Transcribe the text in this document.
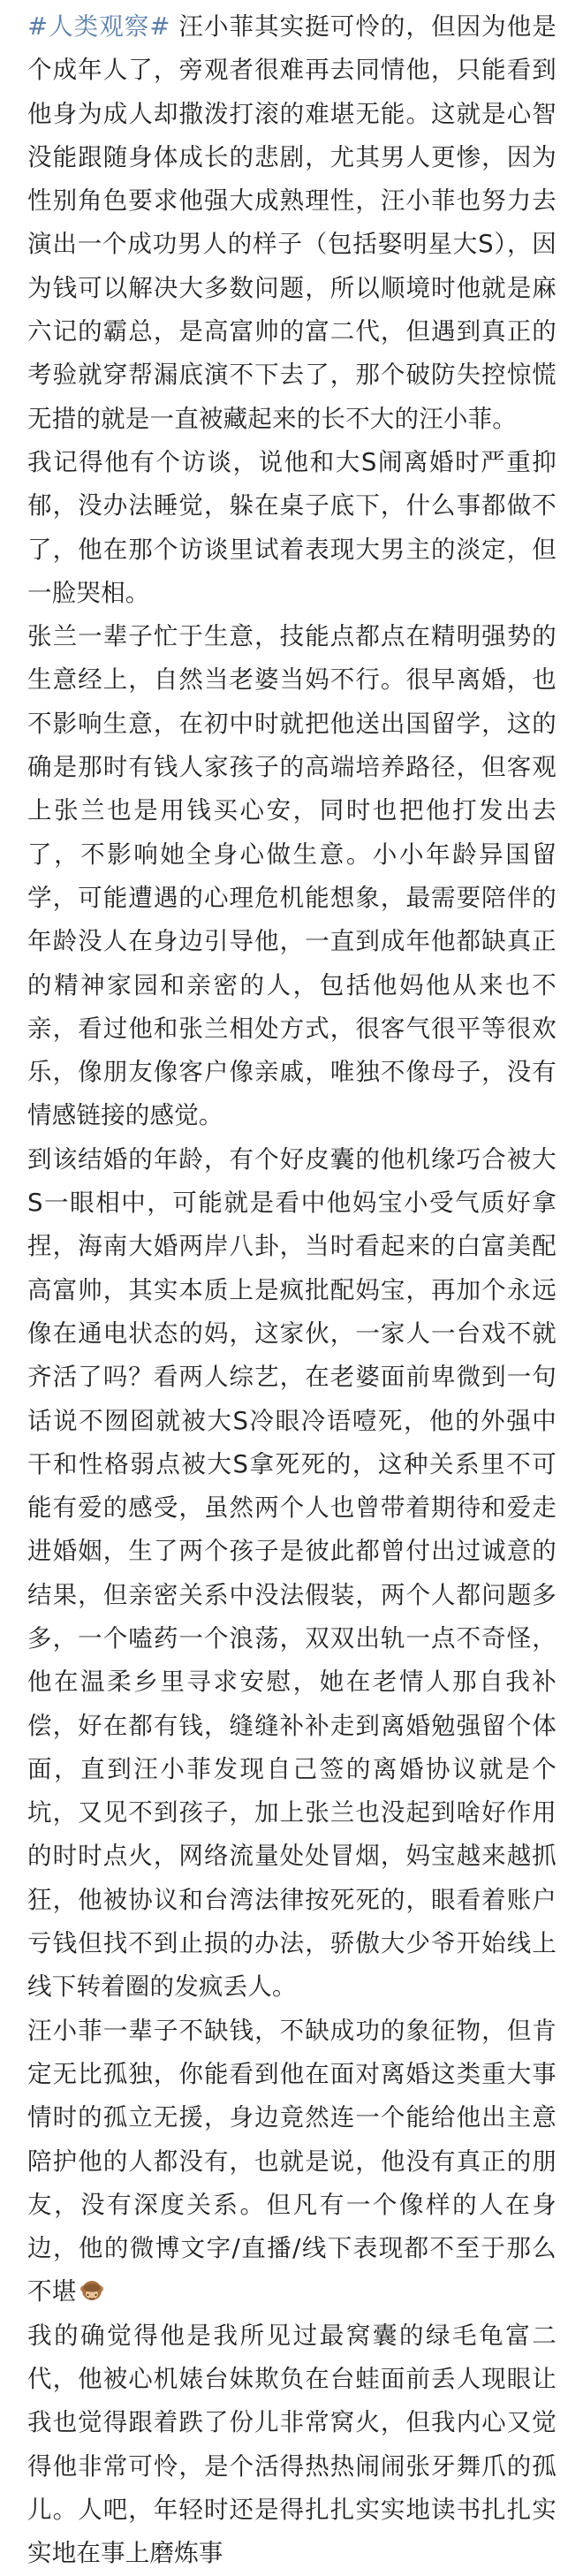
#人类观察# 汪小菲其实挺可怜的，但因为他是个成年人了，旁观者很难再去同情他，只能看到他身为成人却撒泼打滚的难堪无能。这就是心智没能跟随身体成长的悲剧，尤其男人更惨，因为性别角色要求他强大成熟理性，汪小菲也努力去演出一个成功男人的样子（包括娶明星大S），因为钱可以解决大多数问题，所以顺境时他就是麻六记的霸总，是高富帅的富二代，但遇到真正的考验就穿帮漏底演不下去了，那个破防失控惊慌无措的就是一直被藏起来的长不大的汪小菲。

我记得他有个访谈，说他和大S闹离婚时严重抑郁，没办法睡觉，躲在桌子底下，什么事都做不了，他在那个访谈里试着表现大男主的淡定，但一脸哭相。

张兰一辈子忙于生意，技能点都点在精明强势的生意经上，自然当老婆当妈不行。很早离婚，也不影响生意，在初中时就把他送出国留学，这的确是那时有钱人家孩子的高端培养路径，但客观上张兰也是用钱买心安，同时也把他打发出去了，不影响她全身心做生意。小小年龄异国留学，可能遭遇的心理危机能想象，最需要陪伴的年龄没人在身边引导他，一直到成年他都缺真正的精神家园和亲密的人，包括他妈他从来也不亲，看过他和张兰相处方式，很客气很平等很欢乐，像朋友像客户像亲戚，唯独不像母子，没有情感链接的感觉。

到该结婚的年龄，有个好皮囊的他机缘巧合被大S一眼相中，可能就是看中他妈宝小受气质好拿捏，海南大婚两岸八卦，当时看起来的白富美配高富帅，其实本质上是疯批配妈宝，再加个永远像在通电状态的妈，这家伙，一家人一台戏不就齐活了吗？看两人综艺，在老婆面前卑微到一句话说不囫囵就被大S冷眼冷语噎死，他的外强中干和性格弱点被大S拿死死的，这种关系里不可能有爱的感受，虽然两个人也曾带着期待和爱走进婚姻，生了两个孩子是彼此都曾付出过诚意的结果，但亲密关系中没法假装，两个人都问题多多，一个嗑药一个浪荡，双双出轨一点不奇怪，他在温柔乡里寻求安慰，她在老情人那自我补偿，好在都有钱，缝缝补补走到离婚勉强留个体面，直到汪小菲发现自己签的离婚协议就是个坑，又见不到孩子，加上张兰也没起到啥好作用的时时点火，网络流量处处冒烟，妈宝越来越抓狂，他被协议和台湾法律按死死的，眼看着账户亏钱但找不到止损的办法，骄傲大少爷开始线上线下转着圈的发疯丢人。

汪小菲一辈子不缺钱，不缺成功的象征物，但肯定无比孤独，你能看到他在面对离婚这类重大事情时的孤立无援，身边竟然连一个能给他出主意陪护他的人都没有，也就是说，他没有真正的朋友，没有深度关系。但凡有一个像样的人在身边，他的微博文字/直播/线下表现都不至于那么不堪

我的确觉得他是我所见过最窝囊的绿毛龟富二代，他被心机婊台妹欺负在台蛙面前丢人现眼让我也觉得跟着跌了份儿非常窝火，但我内心又觉得他非常可怜，是个活得热热闹闹张牙舞爪的孤儿。人吧，年轻时还是得扎扎实实地读书扎扎实实地在事上磨炼事
